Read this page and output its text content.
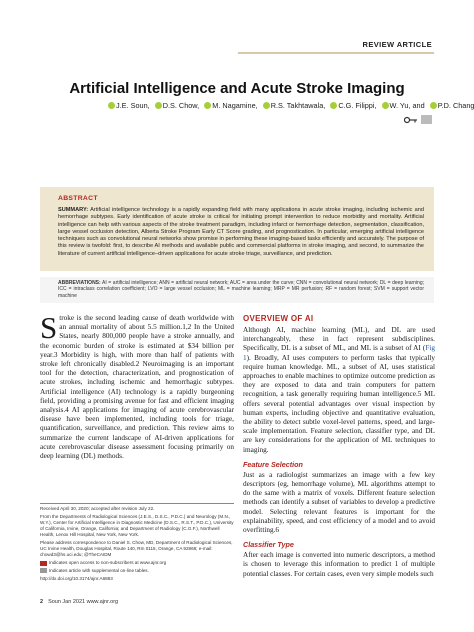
REVIEW ARTICLE
Artificial Intelligence and Acute Stroke Imaging
J.E. Soun, D.S. Chow, M. Nagamine, R.S. Takhtawala, C.G. Filippi, W. Yu, and P.D. Chang
ABSTRACT
SUMMARY: Artificial intelligence technology is a rapidly expanding field with many applications in acute stroke imaging, including ischemic and hemorrhage subtypes. Early identification of acute stroke is critical for initiating prompt intervention to reduce morbidity and mortality. Artificial intelligence can help with various aspects of the stroke treatment paradigm, including infarct or hemorrhage detection, segmentation, classification, large vessel occlusion detection, Alberta Stroke Program Early CT Score grading, and prognostication. In particular, emerging artificial intelligence techniques such as convolutional neural networks show promise in performing these imaging-based tasks efficiently and accurately. The purpose of this review is twofold: first, to describe AI methods and available public and commercial platforms in stroke imaging, and second, to summarize the literature of current artificial intelligence–driven applications for acute stroke triage, surveillance, and prediction.
ABBREVIATIONS: AI = artificial intelligence; ANN = artificial neural network; AUC = area under the curve; CNN = convolutional neural network; DL = deep learning; ICC = intraclass correlation coefficient; LVO = large vessel occlusion; ML = machine learning; MRP = MR perfusion; RF = random forest; SVM = support vector machine
Stroke is the second leading cause of death worldwide with an annual mortality of about 5.5 million.1,2 In the United States, nearly 800,000 people have a stroke annually, and the economic burden of stroke is estimated at $34 billion per year.3 Morbidity is high, with more than half of patients with stroke left chronically disabled.2 Neuroimaging is an important tool for the detection, characterization, and prognostication of acute strokes, including ischemic and hemorrhagic subtypes. Artificial intelligence (AI) technology is a rapidly burgeoning field, providing a promising avenue for fast and efficient imaging analysis.4 AI applications for imaging of acute cerebrovascular disease have been implemented, including tools for triage, quantification, surveillance, and prediction. This review aims to summarize the current landscape of AI-driven applications for acute cerebrovascular disease assessment focusing primarily on deep learning (DL) methods.

Received April 30, 2020; accepted after revision July 22.

From the Departments of Radiological Sciences (J.E.S., D.S.C., P.D.C.) and Neurology (M.N., W.Y.), Center for Artificial Intelligence in Diagnostic Medicine (D.S.C., R.S.T., P.D.C.), University of California, Irvine, Orange, California; and Department of Radiology (C.G.F.), Northwell Health, Lenox Hill Hospital, New York, New York.

Please address correspondence to Daniel S. Chow, MD, Department of Radiological Sciences, UC Irvine Health, Douglas Hospital, Route 140, Rm 0115, Orange, CA 92868; e-mail: chowd3@hs.uci.edu; @TheCAIDM

Indicates open access to non-subscribers at www.ajnr.org

Indicates article with supplemental on-line tables.

http://dx.doi.org/10.3174/ajnr.A6883

OVERVIEW OF AI

Although AI, machine learning (ML), and DL are used interchangeably, these in fact represent subdisciplines. Specifically, DL is a subset of ML, and ML is a subset of AI (Fig 1). Broadly, AI uses computers to perform tasks that typically require human knowledge. ML, a subset of AI, uses statistical approaches to enable machines to optimize outcome prediction as they are exposed to data and train computers for pattern recognition, a task generally requiring human intelligence.5 ML offers several potential advantages over visual inspection by human experts, including objective and quantitative evaluation, the ability to detect subtle voxel-level patterns, speed, and large-scale implementation. Feature selection, classifier type, and DL are key considerations for the application of ML techniques to imaging.

Feature Selection

Just as a radiologist summarizes an image with a few key descriptors (eg, hemorrhage volume), ML algorithms attempt to do the same with a matrix of voxels. Different feature selection methods can identify a subset of variables to develop a predictive model. Selecting relevant features is important for the explainability, speed, and cost efficiency of a model and to avoid overfitting.6

Classifier Type

After each image is converted into numeric descriptors, a method is chosen to leverage this information to predict 1 of multiple potential classes. For certain cases, even very simple models such

2 Soun Jan 2021 www.ajnr.org
